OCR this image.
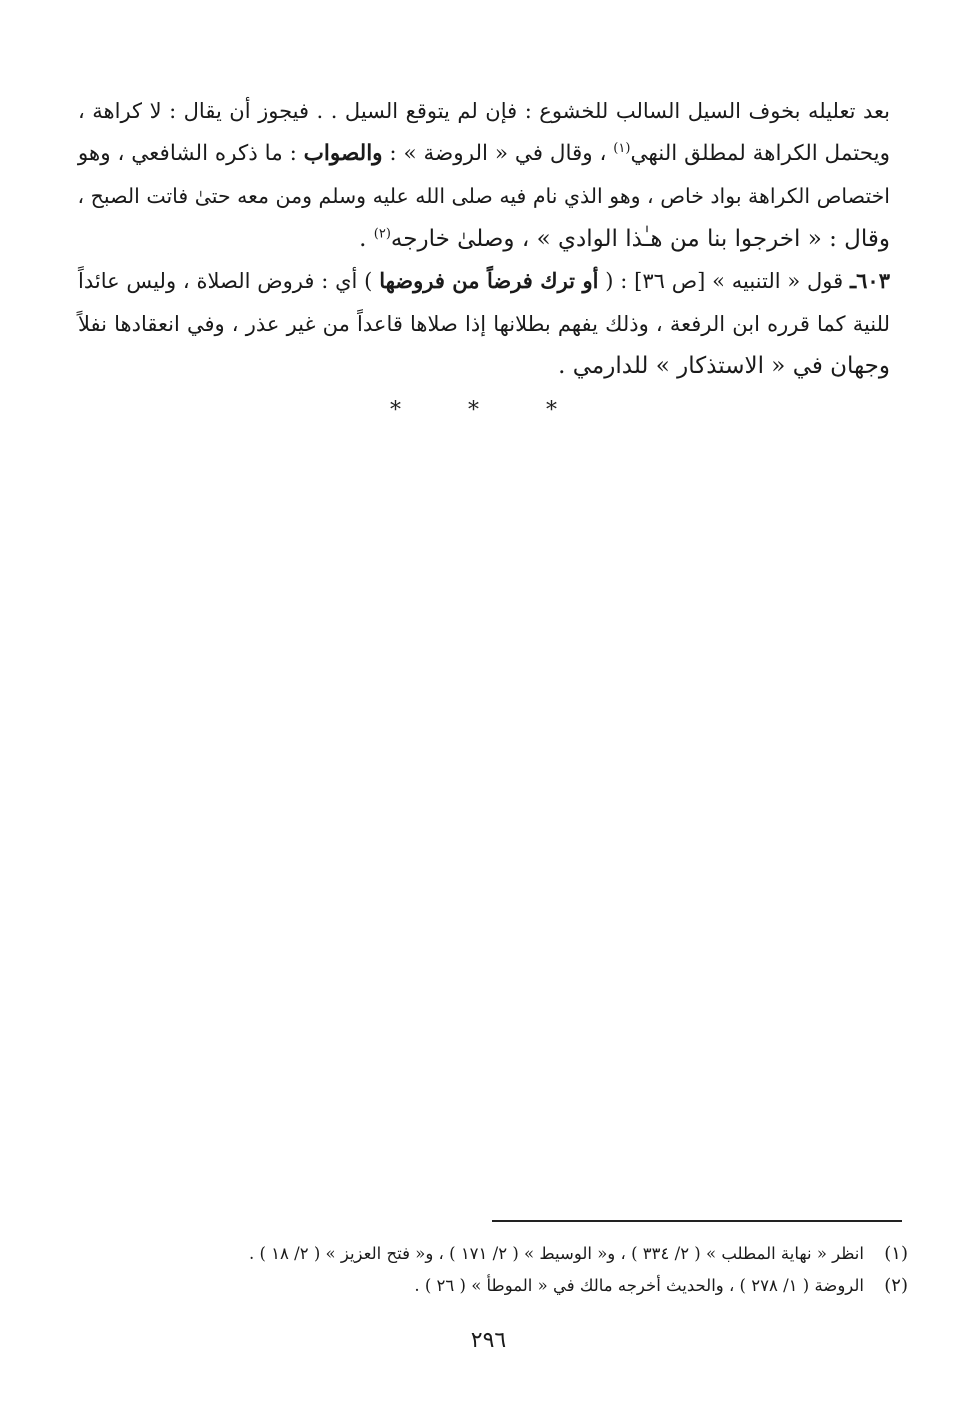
بعد تعليله بخوف السيل السالب للخشوع : فإن لم يتوقع السيل . . فيجوز أن يقال : لا كراهة ،
ويحتمل الكراهة لمطلق النهي$^{(١)}$ ، وقال في « الروضة » : والصواب : ما ذكره الشافعي ، وهو
اختصاص الكراهة بواد خاص ، وهو الذي نام فيه صلى الله عليه وسلم ومن معه حتىٰ فاتت الصبح ،
وقال : « اخرجوا بنا من هـٰذا الوادي » ، وصلىٰ خارجه$^{(٢)}$ .
٦٠٣ـ قول « التنبيه » [ص ٣٦] : ( أو ترك فرضاً من فروضها ) أي : فروض الصلاة ، وليس عائداً
للنية كما قرره ابن الرفعة ، وذلك يفهم بطلانها إذا صلاها قاعداً من غير عذر ، وفي انعقادها نفلاً
وجهان في « الاستذكار » للدارمي .
* * *
(١)
انظر « نهاية المطلب » ( ٢/ ٣٣٤ ) ، و« الوسيط » ( ٢/ ١٧١ ) ، و« فتح العزيز » ( ٢/ ١٨ ) .
(٢)
الروضة ( ١/ ٢٧٨ ) ، والحديث أخرجه مالك في « الموطأ » ( ٢٦ ) .
٢٩٦
